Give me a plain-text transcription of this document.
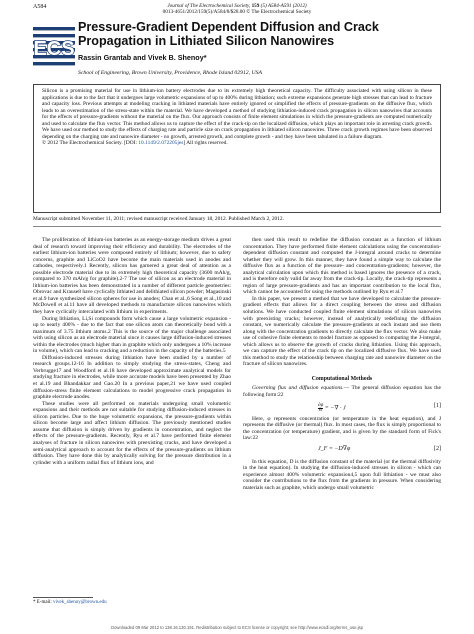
A584	Journal of The Electrochemical Society, 159 (5) A584-A591 (2012)
0013-4651/2012/159(5)/A584/8/$28.00 © The Electrochemical Society
ECS
Pressure-Gradient Dependent Diffusion and Crack Propagation in Lithiated Silicon Nanowires
Rassin Grantab and Vivek B. Shenoy*
School of Engineering, Brown University, Providence, Rhode Island 02912, USA
Silicon is a promising material for use in lithium-ion battery electrodes due to its extremely high theoretical capacity. The difficulty associated with using silicon in these applications is due to the fact that it undergoes large volumetric expansions of up to 400% during lithiation; such extreme expansions generate high stresses that can lead to fracture and capacity loss. Previous attempts at modeling cracking in lithiated materials have entirely ignored or simplified the effects of pressure-gradients on the diffusive flux, which leads to an overestimation of the stress-state within the material. We have developed a method of studying lithiation-induced crack propagation in silicon nanowires that accounts for the effects of pressure-gradients without the material on the flux. Our approach consists of finite element simulations in which the pressure-gradients are computed numerically and used to calculate the flux vector. This method allows us to capture the effect of the crack-tip on the localized diffusion, which plays an important role in arresting crack growth. We have used our method to study the effects of charging rate and particle size on crack propagation in lithiated silicon nanowires. Three crack growth regimes have been observed depending on the charging rate and nanowire diameter - no growth, arrested growth, and complete growth - and they have been tabulated in a failure diagram.
© 2012 The Electrochemical Society. [DOI: 10.1149/2.072205jes] All rights reserved.
Manuscript submitted November 11, 2011; revised manuscript received January 18, 2012. Published March 2, 2012.

The proliferation of lithium-ion batteries as an energy-storage medium drives a great deal of research toward improving their efficiency and durability. The electrodes of the earliest lithium-ion batteries were composed entirely of lithium; however, due to safety concerns, graphite and LiCoO2 have become the main materials used in anodes and cathodes, respectively.1 Recently, silicon has garnered a great deal of attention as a possible electrode material due to its extremely high theoretical capacity (3600 mAh/g, compared to 370 mAh/g for graphite).2-7 The use of silicon as an electrode material in lithium-ion batteries has been demonstrated in a number of different particle geometries: Obrovac and Krause8 have cyclically lithiated and delithiated silicon powder; Magasinski et al.9 have synthesized silicon spheres for use in anodes; Chan et al.,6 Song et al.,10 and McDowell et al.11 have all developed methods to manufacture silicon nanowires which they have cyclically intercalated with lithium in experiments.

During lithiation, Li,Si compounds form which cause a large volumetric expansion - up to nearly 400% - due to the fact that one silicon atom can theoretically bond with a maximum of 3.75 lithium atoms.2 This is the source of the major challenge associated with using silicon as an electrode material since it causes large diffusion-induced stresses within the electrodes (much higher than in graphite which only undergoes a 10% increase in volume), which can lead to cracking and a reduction in the capacity of the batteries.5

Diffusion-induced stresses during lithiation have been studied by a number of research groups.12-16 In addition to simply studying the stress-states, Cheng and Verbrugge17 and Woodford et al.18 have developed approximate analytical models for studying fracture in electrodes, while more accurate models have been presented by Zhao et al.19 and Bhandakkar and Gao.20 In a previous paper,21 we have used coupled diffusion-stress finite element calculations to model progressive crack propagation in graphite electrode anodes.

These studies were all performed on materials undergoing small volumetric expansions and their methods are not suitable for studying diffusion-induced stresses in silicon particles. Due to the huge volumetric expansions, the pressure-gradients within silicon become large and affect lithium diffusion. The previously mentioned studies assume that diffusion is simply driven by gradients in concentration, and neglect the effects of the pressure-gradients. Recently, Ryu et al.7 have performed finite element analyses of fracture in silicon nanowires with preexisting cracks, and have developed a semi-analytical approach to account for the effects of the pressure-gradients on lithium diffusion. They have done this by analytically solving for the pressure distribution in a cylinder with a uniform radial flux of lithium ions, and

then used this result to redefine the diffusion constant as a function of lithium concentration. They have performed finite element calculations using the concentration-dependent diffusion constant and computed the J-integral around cracks to determine whether they will grow. In this manner, they have found a simple way to calculate the diffusive flux as a function of the pressure- and concentration-gradients; however, the analytical calculation upon which this method is based ignores the presence of a crack, and is therefore only valid far away from the crack-tip. Locally, the crack-tip represents a region of large pressure-gradients and has an important contribution to the local flux, which cannot be accounted for using the methods outlined by Ryu et al.7

In this paper, we present a method that we have developed to calculate the pressure-gradient effects that allows for a direct coupling between the stress and diffusion solutions. We have conducted coupled finite element simulations of silicon nanowires with preexisting cracks; however, instead of analytically redefining the diffusion constant, we numerically calculate the pressure-gradients at each instant and use them along with the concentration gradients to directly calculate the flux vector. We also make use of cohesive finite elements to model fracture as opposed to computing the J-integral, which allows us to observe the growth of cracks during lithiation. Using this approach, we can capture the effect of the crack tip on the localized diffusive flux. We have used this method to study the relationship between charging rate and nanowire diameter on the fracture of silicon nanowires.

Computational Methods

Governing flux and diffusion equations.— The general diffusion equation has the following form:22

$\frac{\partial\varphi}{\partial t}$ = −∇ · J	[1]

Here, φ represents concentration (or temperature in the heat equation), and J represents the diffusive (or thermal) flux. In most cases, the flux is simply proportional to the concentration (or temperature) gradient, and is given by the standard form of Fick's law:22

J_F = −D∇φ	[2]

In this equation, D is the diffusion constant of the material (or the thermal diffusivity in the heat equation). In studying the diffusion-induced stresses in silicon - which can experience almost 400% volumetric expansion4,5 upon full lithiation - we must also consider the contributions to the flux from the gradients in pressure. When considering materials such as graphite, which undergo small volumetric

* E-mail: vivek_shenoy@brown.edu
Downloaded 09 Mar 2012 to 138.16.130.191. Redistribution subject to ECS license or copyright; see http://www.ecsdl.org/terms_use.jsp
